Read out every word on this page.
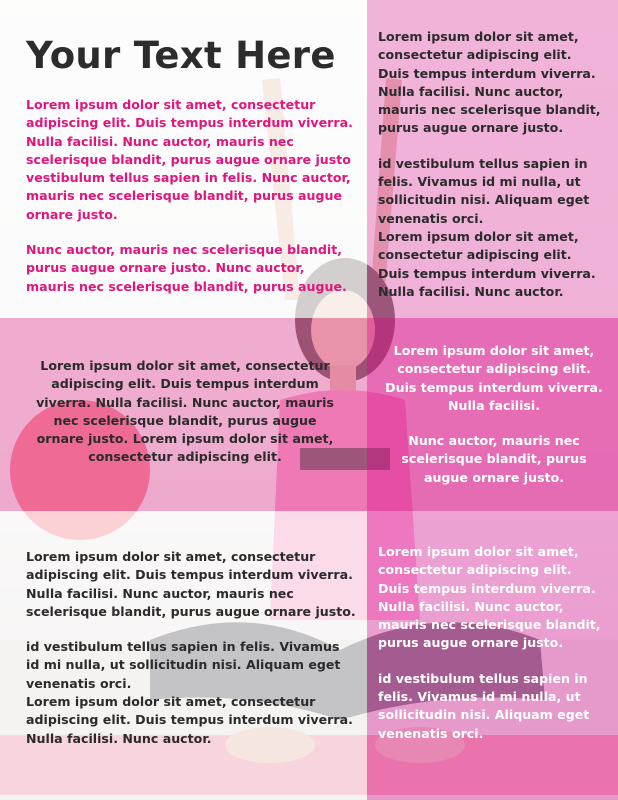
Your Text Here

Lorem ipsum dolor sit amet, consectetur adipiscing elit. Duis tempus interdum viverra. Nulla facilisi. Nunc auctor, mauris nec scelerisque blandit, purus augue ornare justo vestibulum tellus sapien in felis. Nunc auctor, mauris nec scelerisque blandit, purus augue ornare justo.

Nunc auctor, mauris nec scelerisque blandit, purus augue ornare justo. Nunc auctor, mauris nec scelerisque blandit, purus augue.

Lorem ipsum dolor sit amet, consectetur adipiscing elit. Duis tempus interdum viverra. Nulla facilisi. Nunc auctor, mauris nec scelerisque blandit, purus augue ornare justo.

id vestibulum tellus sapien in felis. Vivamus id mi nulla, ut sollicitudin nisi. Aliquam eget venenatis orci.
Lorem ipsum dolor sit amet, consectetur adipiscing elit. Duis tempus interdum viverra. Nulla facilisi. Nunc auctor.

Lorem ipsum dolor sit amet, consectetur adipiscing elit. Duis tempus interdum viverra. Nulla facilisi. Nunc auctor, mauris nec scelerisque blandit, purus augue ornare justo. Lorem ipsum dolor sit amet, consectetur adipiscing elit.

Lorem ipsum dolor sit amet, consectetur adipiscing elit. Duis tempus interdum viverra. Nulla facilisi.

Nunc auctor, mauris nec scelerisque blandit, purus augue ornare justo.

Lorem ipsum dolor sit amet, consectetur adipiscing elit. Duis tempus interdum viverra. Nulla facilisi. Nunc auctor, mauris nec scelerisque blandit, purus augue ornare justo.

id vestibulum tellus sapien in felis. Vivamus id mi nulla, ut sollicitudin nisi. Aliquam eget venenatis orci.
Lorem ipsum dolor sit amet, consectetur adipiscing elit. Duis tempus interdum viverra. Nulla facilisi. Nunc auctor.

Lorem ipsum dolor sit amet, consectetur adipiscing elit. Duis tempus interdum viverra. Nulla facilisi. Nunc auctor, mauris nec scelerisque blandit, purus augue ornare justo.

id vestibulum tellus sapien in felis. Vivamus id mi nulla, ut sollicitudin nisi. Aliquam eget venenatis orci.
